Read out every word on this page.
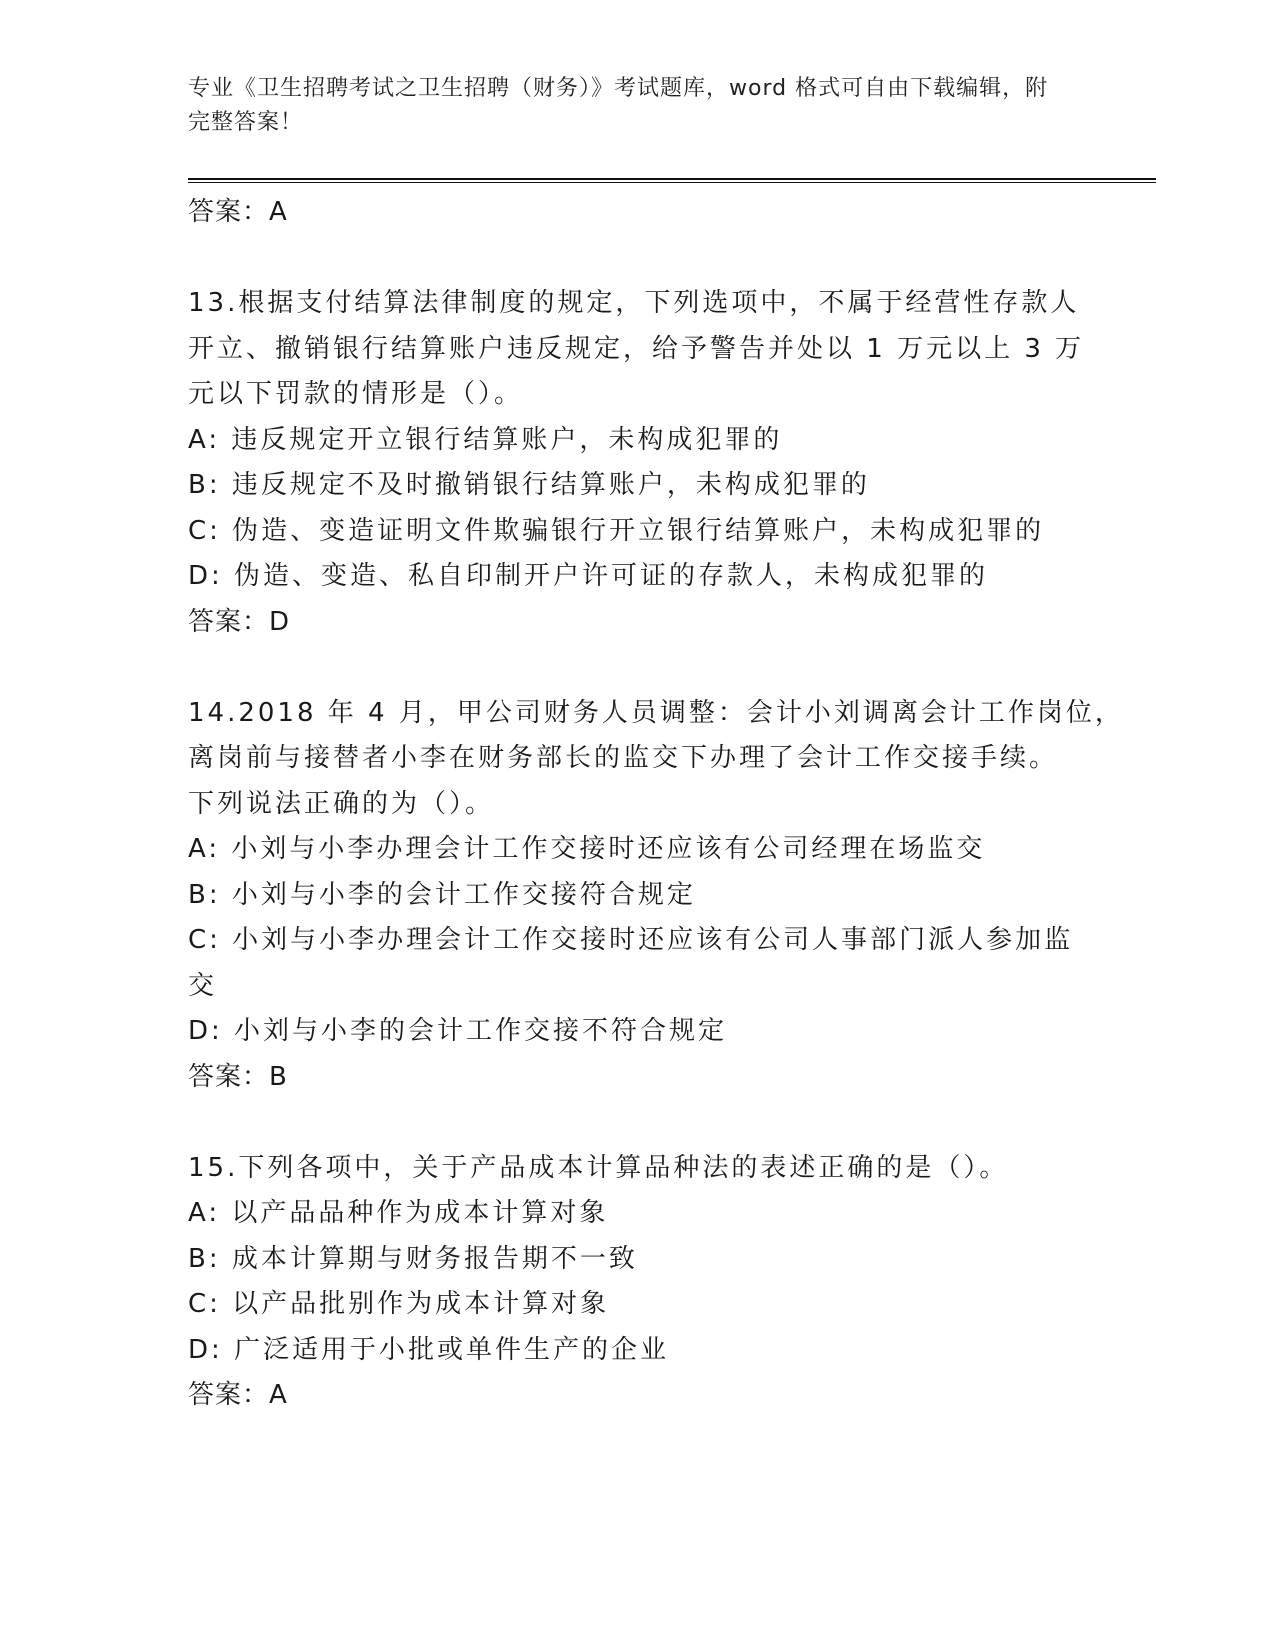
专业《卫生招聘考试之卫生招聘（财务）》考试题库，word 格式可自由下载编辑，附完整答案！
答案：A
13.根据支付结算法律制度的规定，下列选项中，不属于经营性存款人
开立、撤销银行结算账户违反规定，给予警告并处以 1 万元以上 3 万
元以下罚款的情形是（）。
A: 违反规定开立银行结算账户，未构成犯罪的
B: 违反规定不及时撤销银行结算账户，未构成犯罪的
C: 伪造、变造证明文件欺骗银行开立银行结算账户，未构成犯罪的
D: 伪造、变造、私自印制开户许可证的存款人，未构成犯罪的
答案：D
14.2018 年 4 月，甲公司财务人员调整：会计小刘调离会计工作岗位，
离岗前与接替者小李在财务部长的监交下办理了会计工作交接手续。
下列说法正确的为（）。
A: 小刘与小李办理会计工作交接时还应该有公司经理在场监交
B: 小刘与小李的会计工作交接符合规定
C: 小刘与小李办理会计工作交接时还应该有公司人事部门派人参加监
交
D: 小刘与小李的会计工作交接不符合规定
答案：B
15.下列各项中，关于产品成本计算品种法的表述正确的是（）。
A: 以产品品种作为成本计算对象
B: 成本计算期与财务报告期不一致
C: 以产品批别作为成本计算对象
D: 广泛适用于小批或单件生产的企业
答案：A
